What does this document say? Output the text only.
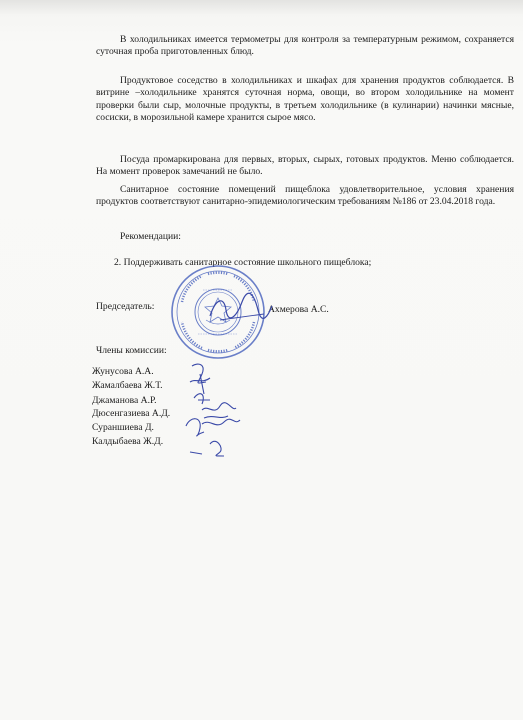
В холодильниках имеется термометры для контроля за температурным режимом, сохраняется суточная проба приготовленных блюд.

Продуктовое соседство в холодильниках и шкафах для хранения продуктов соблюдается. В витрине –холодильнике хранятся суточная норма, овощи, во втором холодильнике на момент проверки были сыр, молочные продукты, в третьем холодильнике (в кулинарии) начинки мясные, сосиски, в морозильной камере хранится сырое мясо.

Посуда промаркирована для первых, вторых, сырых, готовых продуктов. Меню соблюдается. На момент проверок замечаний не было.

Санитарное состояние помещений пищеблока удовлетворительное, условия хранения продуктов соответствуют санитарно-эпидемиологическим требованиям №186 от 23.04.2018 года.

Рекомендации:
2. Поддерживать санитарное состояние школьного пищеблока;
Председатель:	Ахмерова А.С.
Члены комиссии:
Жунусова А.А.
Жамалбаева Ж.Т.
Джаманова А.Р.
Дюсенгазиева А.Д.
Сураншиева Д.
Калдыбаева Ж.Д.
